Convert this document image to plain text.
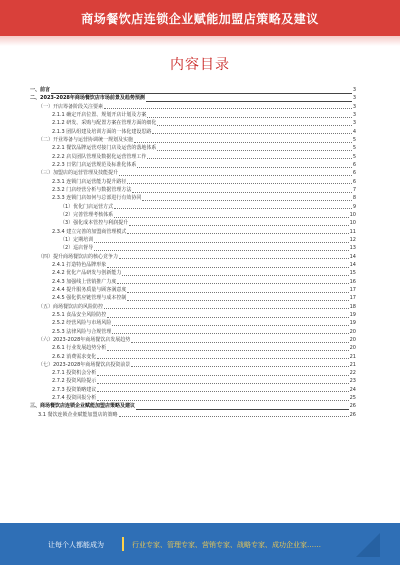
商场餐饮店连锁企业赋能加盟店策略及建议
内容目录
一、前言	3
二、2023-2028年商场餐饮店市场前景及趋势预测	3
（一）开店筹备阶段关注要素	3
2.1.1 确定开店位置、规划开店计划及方案	3
2.1.2 研发、采购与配置方案在管理方面的细化	3
2.1.3 团队组建及培训方面的一体化建设思路	4
（二）开业筹备与运营协调统一规划及实施	5
2.2.1 餐饮品牌运营对接门店及运营的落地体系	5
2.2.2 店员团队管理及数据化运营管理工作	5
2.2.3 日常门店运营规范及标准化体系	6
（三）加盟店的运营管理及技能提升	6
2.3.1 连锁门店运营能力提升路径	6
2.3.2 门店经营分析与数据管理方法	7
2.3.3 连锁门店如何与总部进行有效协同	8
（1）优化门店运营方式	9
（2）完善管理考核体系	10
（3）强化成本管控与利润提升	10
2.3.4 建立完善的加盟商管理模式	11
（1）定期培训	12
（2）巡店督导	13
（四）提升商场餐饮店的核心竞争力	14
2.4.1 打造特色品牌形象	14
2.4.2 优化产品研发与创新能力	15
2.4.3 加强线上营销推广力度	16
2.4.4 提升服务质量与顾客满意度	17
2.4.5 强化供应链管理与成本控制	17
（五）商场餐饮店的风险防控	18
2.5.1 食品安全风险防控	19
2.5.2 经营风险与市场风险	19
2.5.3 法律风险与合规管理	20
（六）2023-2028年商场餐饮店发展趋势	20
2.6.1 行业发展趋势分析	20
2.6.2 消费需求变化	21
（七）2023-2028年商场餐饮店投资前景	21
2.7.1 投资机会分析	22
2.7.2 投资风险提示	23
2.7.3 投资策略建议	24
2.7.4 投资回报分析	25
三、商场餐饮店连锁企业赋能加盟店策略及建议	26
3.1 餐饮连锁企业赋能加盟店的策略	26
让每个人都能成为	行业专家、管理专家、营销专家、战略专家、成功企业家……
